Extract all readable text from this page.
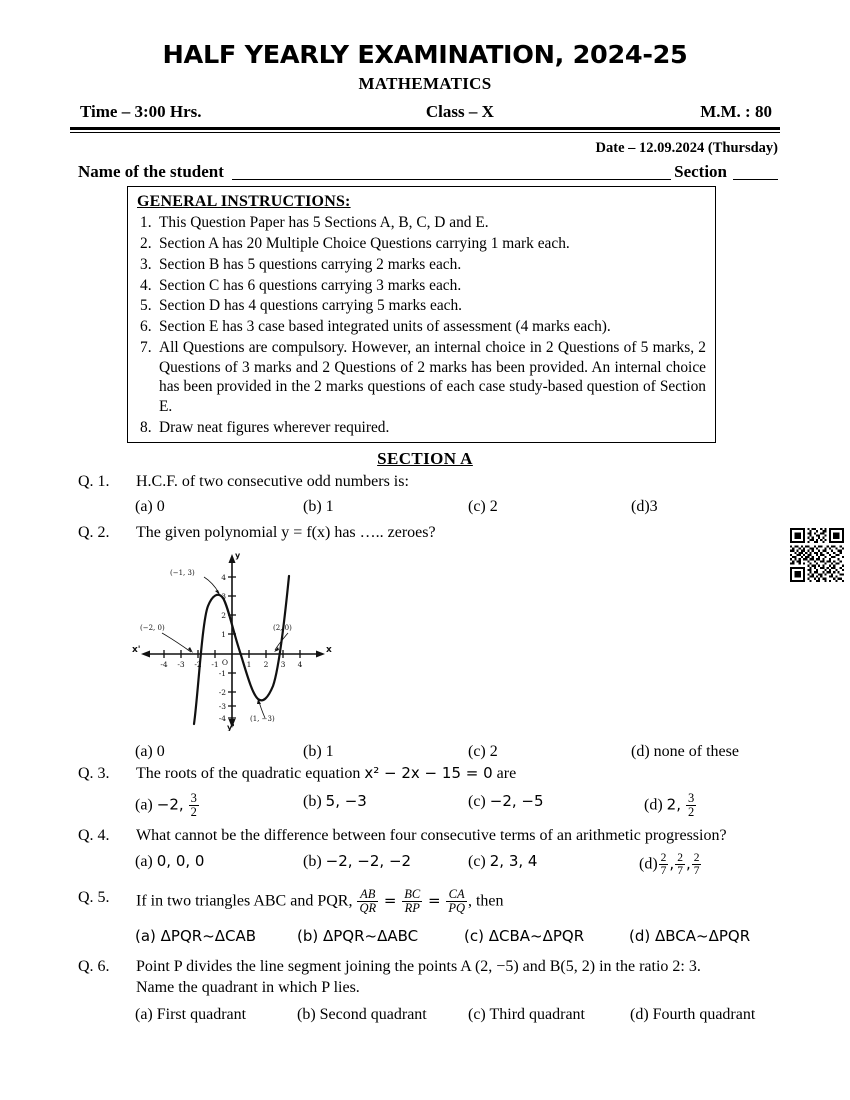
HALF YEARLY EXAMINATION, 2024-25
MATHEMATICS
Time – 3:00 Hrs.	Class – X	M.M. : 80
Date – 12.09.2024 (Thursday)
Name of the student	Section
GENERAL INSTRUCTIONS:
1. This Question Paper has 5 Sections A, B, C, D and E.
2. Section A has 20 Multiple Choice Questions carrying 1 mark each.
3. Section B has 5 questions carrying 2 marks each.
4. Section C has 6 questions carrying 3 marks each.
5. Section D has 4 questions carrying 5 marks each.
6. Section E has 3 case based integrated units of assessment (4 marks each).
7. All Questions are compulsory. However, an internal choice in 2 Questions of 5 marks, 2 Questions of 3 marks and 2 Questions of 2 marks has been provided. An internal choice has been provided in the 2 marks questions of each case study-based question of Section E.
8. Draw neat figures wherever required.
SECTION A
Q. 1.	H.C.F. of two consecutive odd numbers is:
(a) 0	(b) 1	(c) 2	(d)3
Q. 2.	The given polynomial y = f(x) has ….. zeroes?
-4 -3 -2 -1	1 2 3 4
O
4
3
2
1
-1
-2
-3
-4
x
x'
y
y'
(−1, 3)
(−2, 0)	(2, 0)
(1, −3)
(a) 0	(b) 1	(c) 2	(d) none of these
Q. 3.	The roots of the quadratic equation x² − 2x − 15 = 0 are
(a) −2, $\frac{3}{2}$	(b) 5, −3	(c) −2, −5	(d) 2, $\frac{3}{2}$
Q. 4.	What cannot be the difference between four consecutive terms of an arithmetic progression?
(a) 0, 0, 0	(b) −2, −2, −2	(c) 2, 3, 4	$(d) \frac{2}{7}$ , $\frac{2}{7}$ , $\frac{2}{7}$
Q. 5.	If in two triangles ABC and PQR, $\frac{AB}{QR} = \frac{BC}{RP} = \frac{CA}{PQ}$ , then
(a) ΔPQR~ΔCAB	(b) ΔPQR~ΔABC	(c) ΔCBA~ΔPQR	(d) ΔBCA~ΔPQR
Q. 6.	Point P divides the line segment joining the points A (2, −5) and B(5, 2) in the ratio 2: 3.
Name the quadrant in which P lies.
(a) First quadrant	(b) Second quadrant	(c) Third quadrant	(d) Fourth quadrant
